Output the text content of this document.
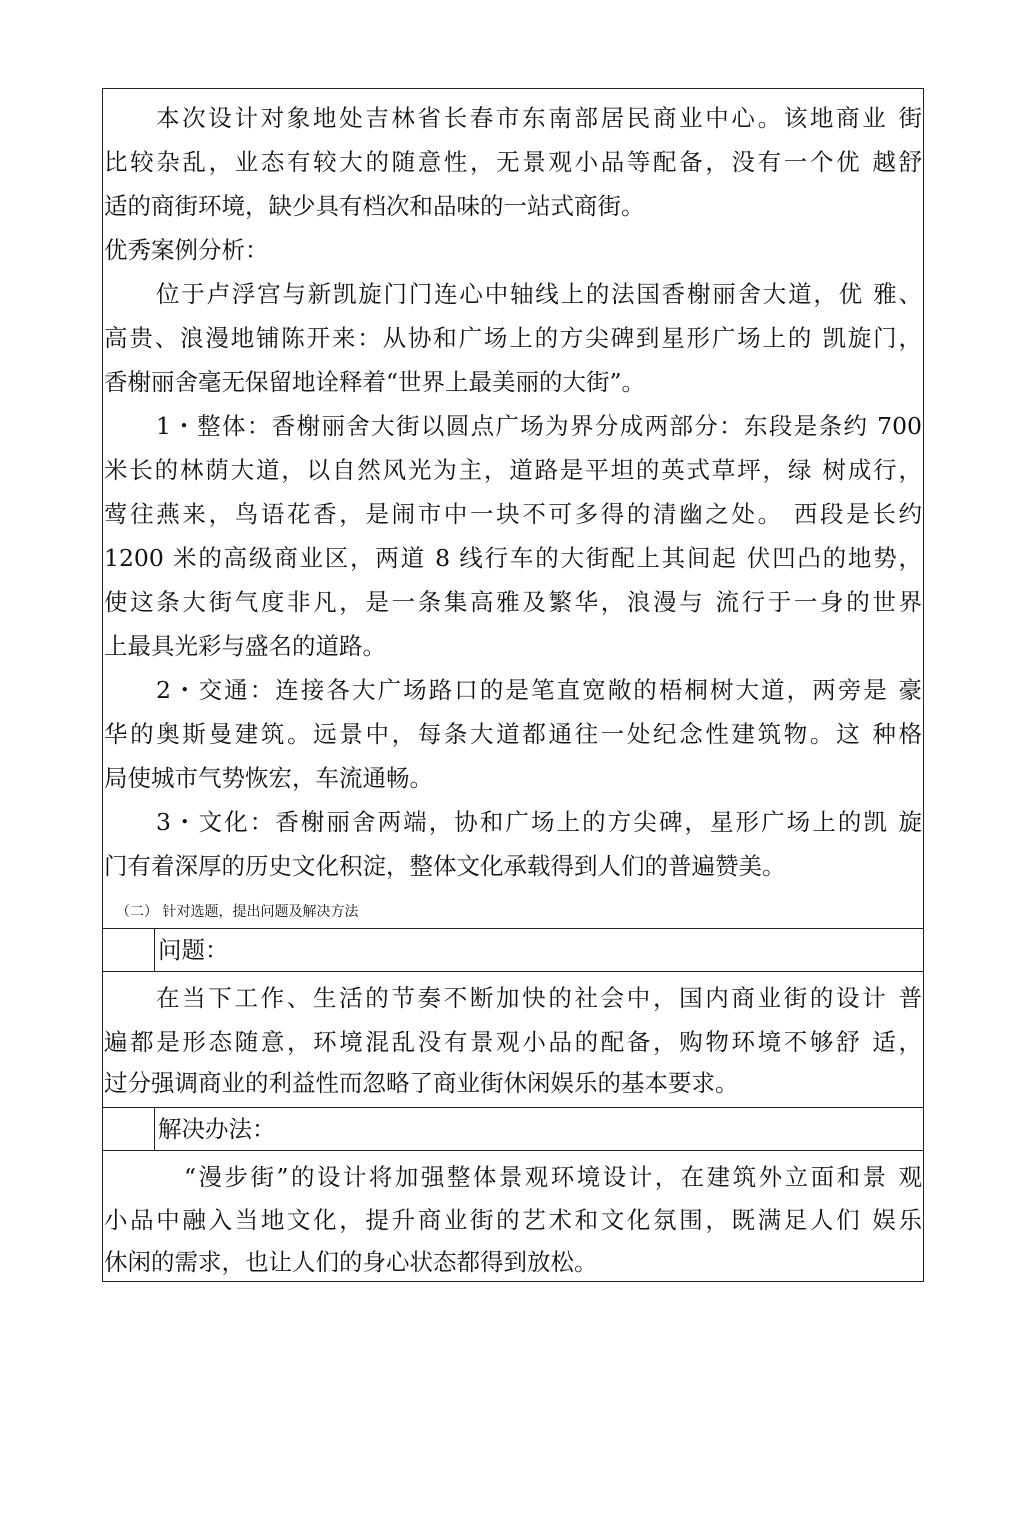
本次设计对象地处吉林省长春市东南部居民商业中心。该地商业 街
比较杂乱，业态有较大的随意性，无景观小品等配备，没有一个优 越舒
适的商街环境，缺少具有档次和品味的一站式商街。
优秀案例分析：
位于卢浮宫与新凯旋门门连心中轴线上的法国香榭丽舍大道，优 雅、
高贵、浪漫地铺陈开来：从协和广场上的方尖碑到星形广场上的 凯旋门，
香榭丽舍毫无保留地诠释着“世界上最美丽的大街”。
1・整体：香榭丽舍大街以圆点广场为界分成两部分：东段是条约 700
米长的林荫大道，以自然风光为主，道路是平坦的英式草坪，绿 树成行，
莺往燕来，鸟语花香，是闹市中一块不可多得的清幽之处。 西段是长约
1200 米的高级商业区，两道 8 线行车的大街配上其间起 伏凹凸的地势，
使这条大街气度非凡，是一条集高雅及繁华，浪漫与 流行于一身的世界
上最具光彩与盛名的道路。
2・交通：连接各大广场路口的是笔直宽敞的梧桐树大道，两旁是 豪
华的奥斯曼建筑。远景中，每条大道都通往一处纪念性建筑物。这 种格
局使城市气势恢宏，车流通畅。
3・文化：香榭丽舍两端，协和广场上的方尖碑，星形广场上的凯 旋
门有着深厚的历史文化积淀，整体文化承载得到人们的普遍赞美。
（二） 针对选题，提出问题及解决方法
问题：
在当下工作、生活的节奏不断加快的社会中，国内商业街的设计 普
遍都是形态随意，环境混乱没有景观小品的配备，购物环境不够舒 适，
过分强调商业的利益性而忽略了商业街休闲娱乐的基本要求。
解决办法：
“漫步街”的设计将加强整体景观环境设计，在建筑外立面和景 观
小品中融入当地文化，提升商业街的艺术和文化氛围，既满足人们 娱乐
休闲的需求，也让人们的身心状态都得到放松。
